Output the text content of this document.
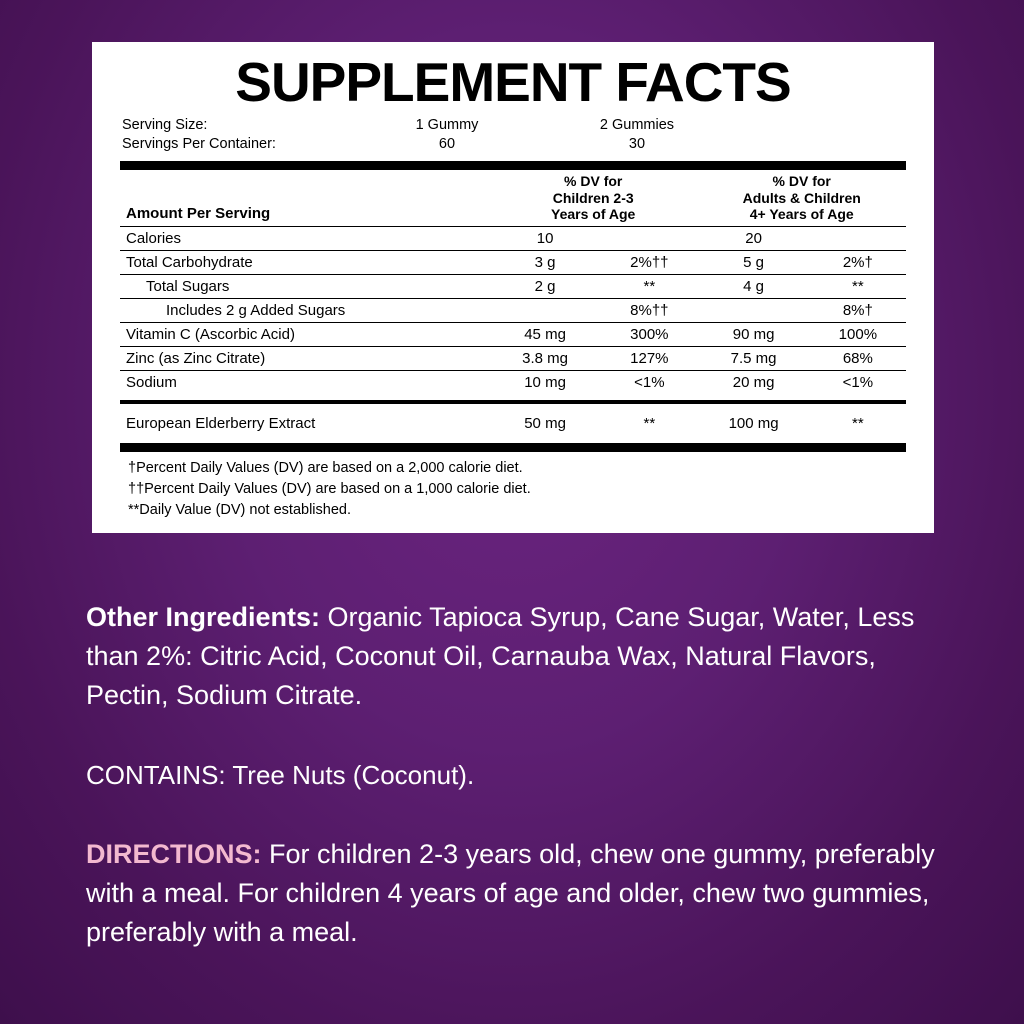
SUPPLEMENT FACTS
Serving Size:	1 Gummy	2 Gummies
Servings Per Container:	60	30
Amount Per Serving	% DV for
Children 2-3
Years of Age		% DV for
Adults & Children
4+ Years of Age	

Calories	10		20	
Total Carbohydrate	3 g	2%††	5 g	2%†
Total Sugars	2 g	**	4 g	**
Includes 2 g Added Sugars		8%††		8%†
Vitamin C (Ascorbic Acid)	45 mg	300%	90 mg	100%
Zinc (as Zinc Citrate)	3.8 mg	127%	7.5 mg	68%
Sodium	10 mg	<1%	20 mg	<1%
European Elderberry Extract	50 mg	**	100 mg	**
†Percent Daily Values (DV) are based on a 2,000 calorie diet.
††Percent Daily Values (DV) are based on a 1,000 calorie diet.
**Daily Value (DV) not established.
Other Ingredients: Organic Tapioca Syrup, Cane Sugar, Water, Less than 2%: Citric Acid, Coconut Oil, Carnauba Wax, Natural Flavors, Pectin, Sodium Citrate.
CONTAINS: Tree Nuts (Coconut).
DIRECTIONS: For children 2-3 years old, chew one gummy, preferably with a meal. For children 4 years of age and older, chew two gummies, preferably with a meal.
